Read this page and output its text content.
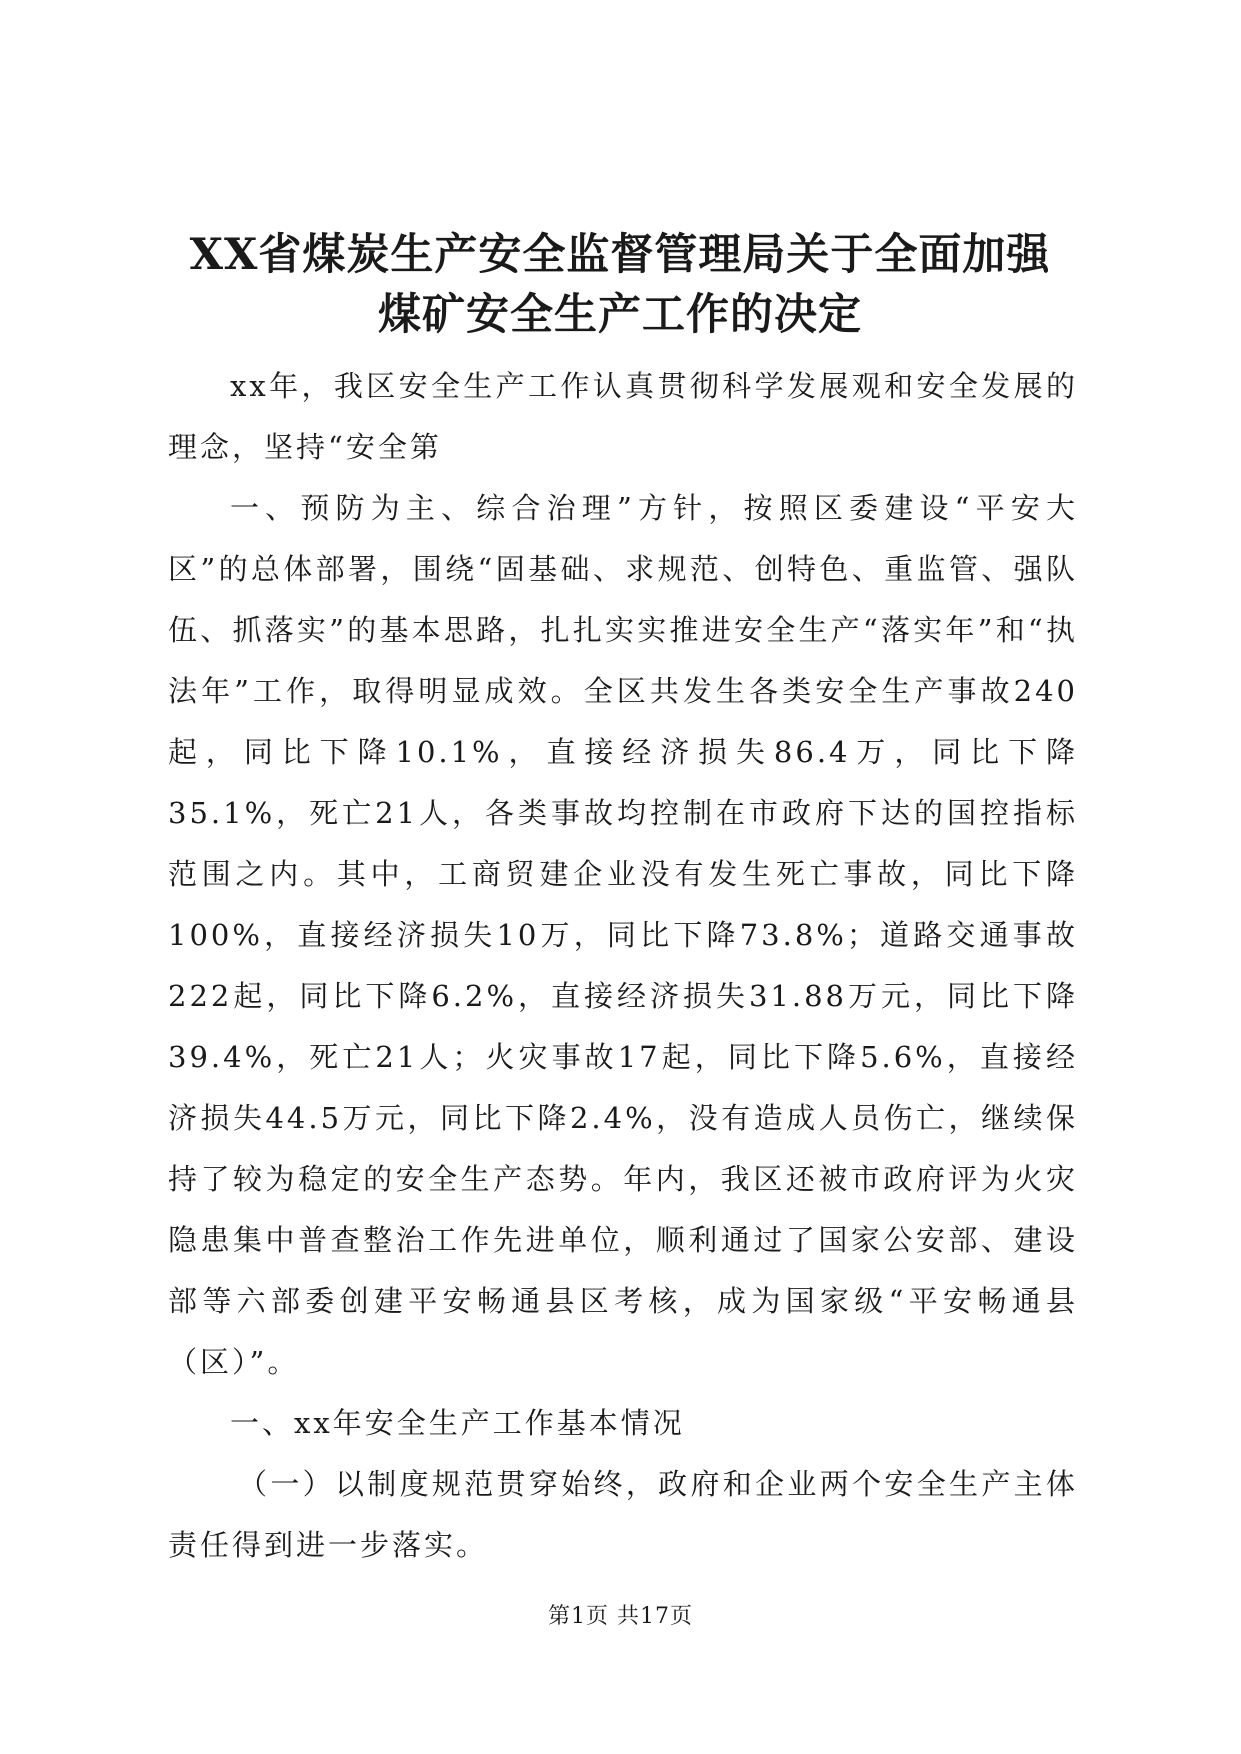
XX省煤炭生产安全监督管理局关于全面加强
煤矿安全生产工作的决定

xx年，我区安全生产工作认真贯彻科学发展观和安全发展的理念，坚持“安全第

一、预防为主、综合治理”方针，按照区委建设“平安大区”的总体部署，围绕“固基础、求规范、创特色、重监管、强队伍、抓落实”的基本思路，扎扎实实推进安全生产“落实年”和“执法年”工作，取得明显成效。全区共发生各类安全生产事故240起，同比下降10.1%，直接经济损失86.4万，同比下降35.1%，死亡21人，各类事故均控制在市政府下达的国控指标范围之内。其中，工商贸建企业没有发生死亡事故，同比下降100%，直接经济损失10万，同比下降73.8%；道路交通事故222起，同比下降6.2%，直接经济损失31.88万元，同比下降39.4%，死亡21人；火灾事故17起，同比下降5.6%，直接经济损失44.5万元，同比下降2.4%，没有造成人员伤亡，继续保持了较为稳定的安全生产态势。年内，我区还被市政府评为火灾隐患集中普查整治工作先进单位，顺利通过了国家公安部、建设部等六部委创建平安畅通县区考核，成为国家级“平安畅通县（区）”。

一、xx年安全生产工作基本情况

（一）以制度规范贯穿始终，政府和企业两个安全生产主体责任得到进一步落实。

第1页 共17页
